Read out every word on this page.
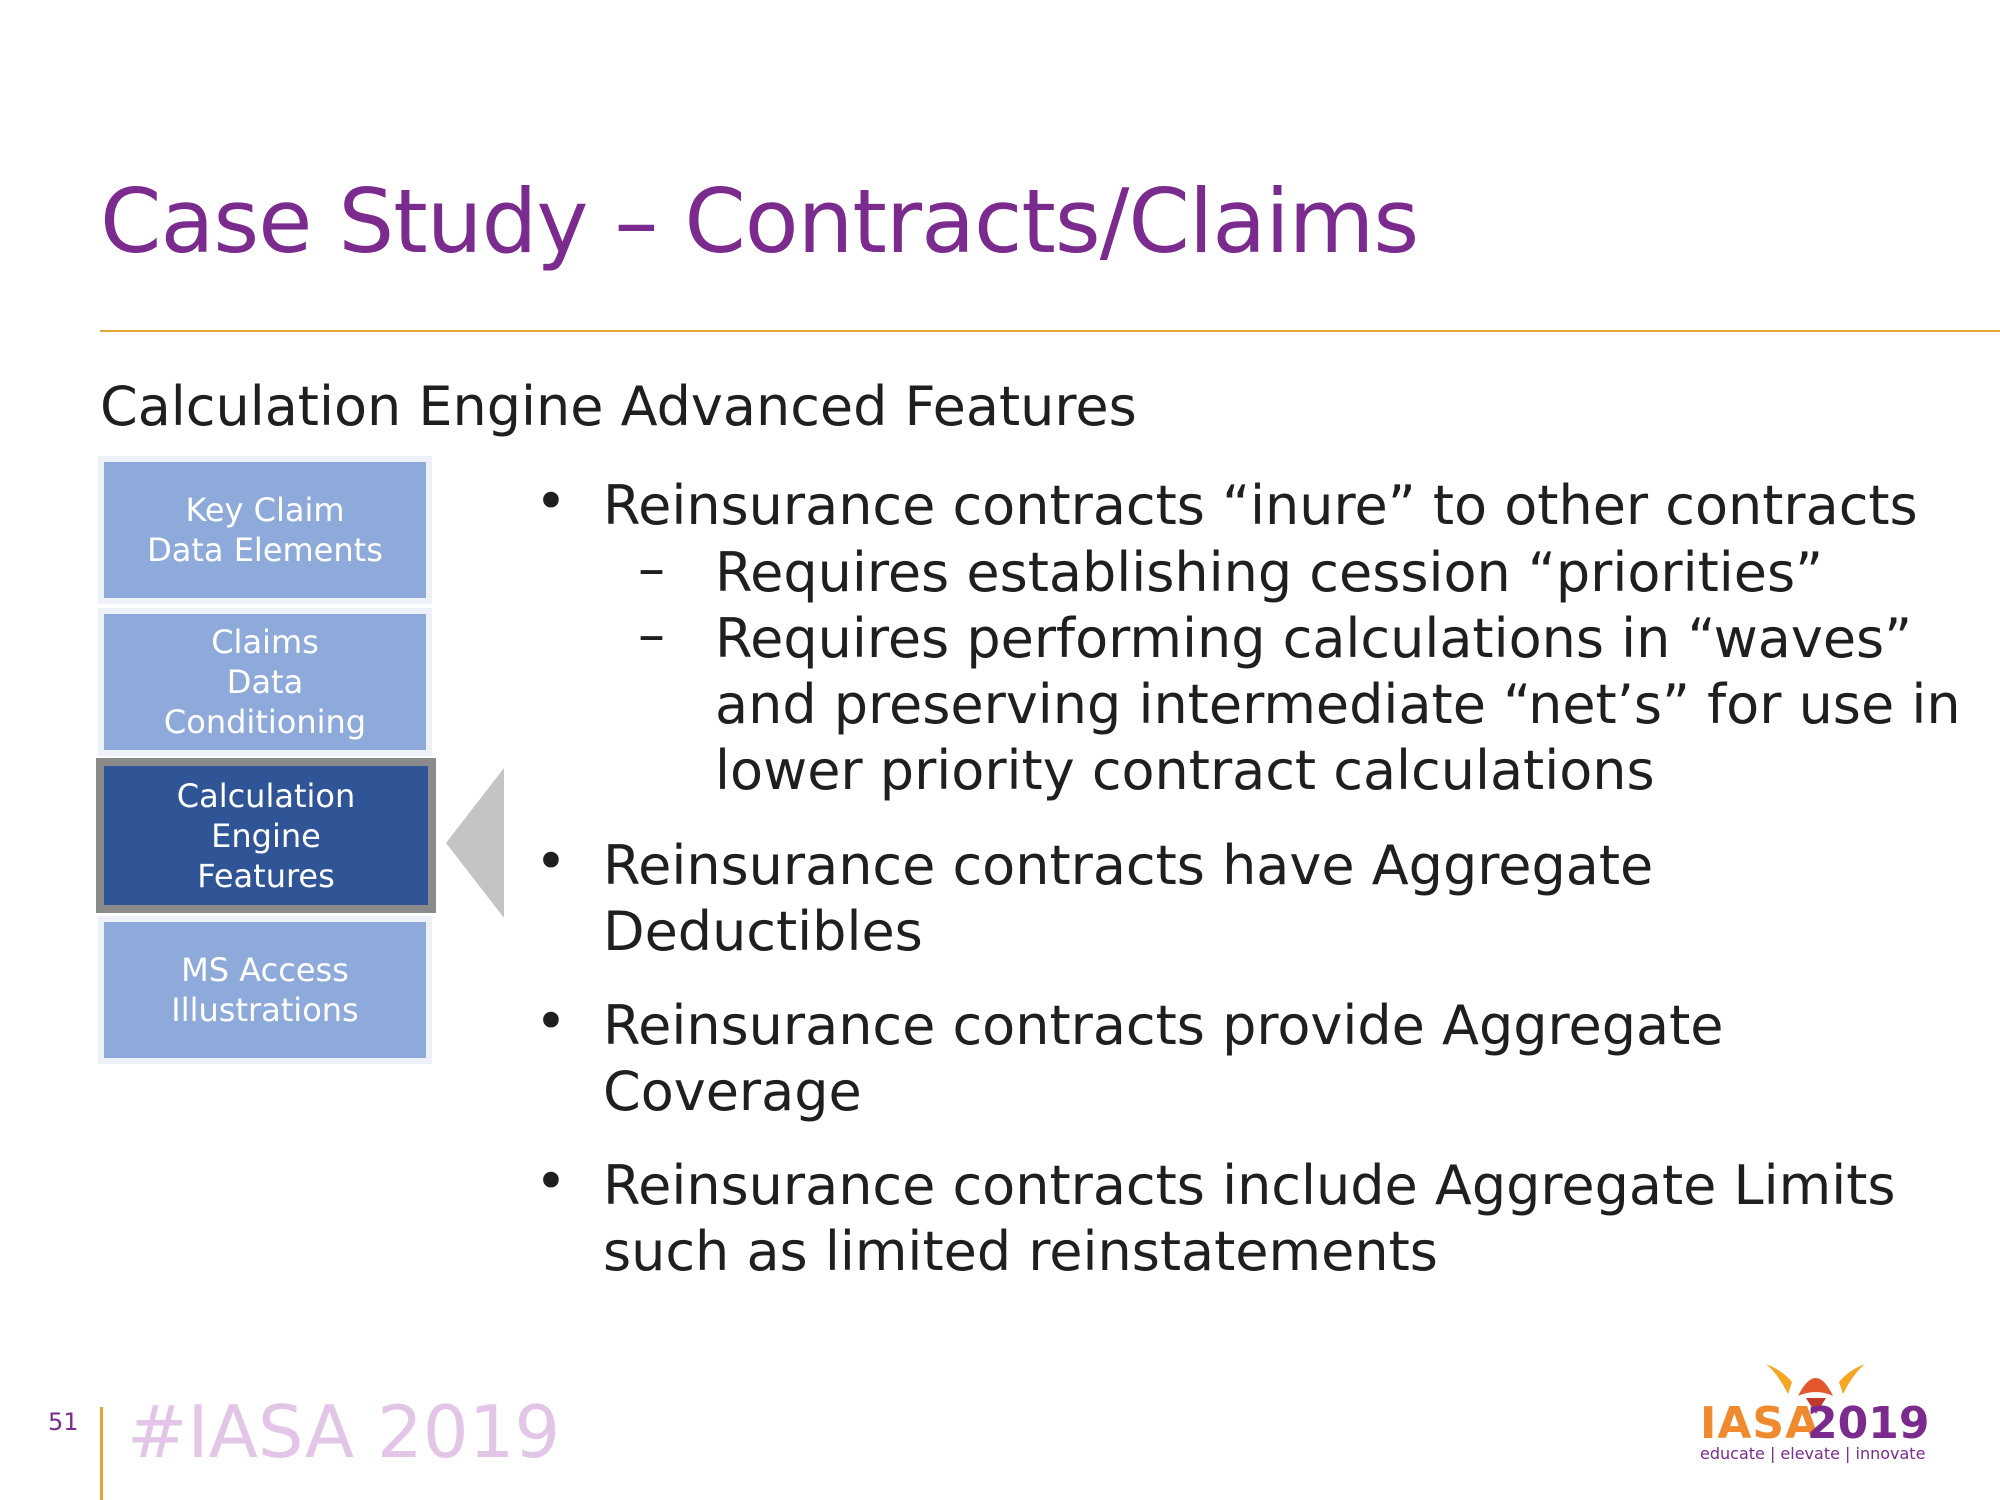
Case Study – Contracts/Claims
Calculation Engine Advanced Features
Key Claim
Data Elements
Claims
Data
Conditioning
Calculation
Engine
Features
MS Access
Illustrations
• Reinsurance contracts “inure” to other contracts
– Requires establishing cession “priorities”
– Requires performing calculations in “waves”
and preserving intermediate “net’s” for use in
lower priority contract calculations
• Reinsurance contracts have Aggregate
Deductibles
• Reinsurance contracts provide Aggregate
Coverage
• Reinsurance contracts include Aggregate Limits
such as limited reinstatements
51 #IASA 2019	IASA
2019
educate | elevate | innovate
